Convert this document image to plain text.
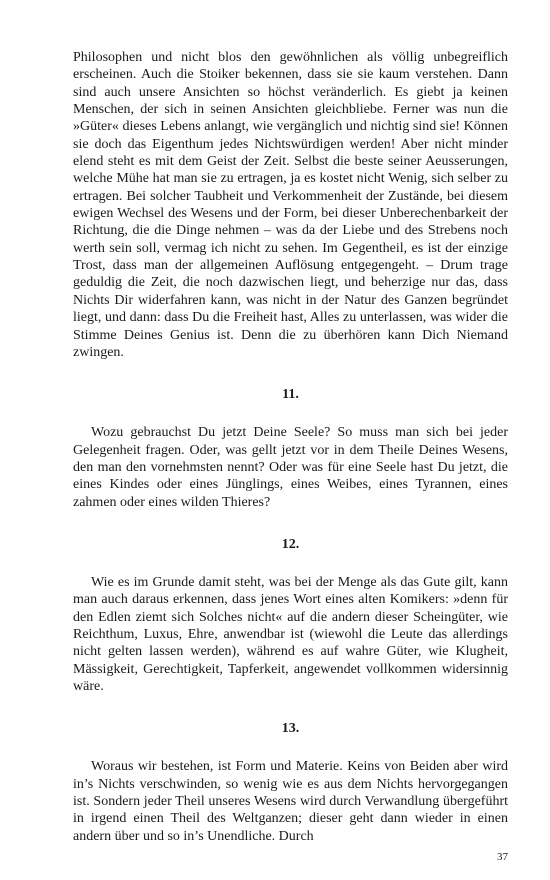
Philosophen und nicht blos den gewöhnlichen als völlig unbegreiflich erscheinen. Auch die Stoiker bekennen, dass sie sie kaum verstehen. Dann sind auch unsere Ansichten so höchst veränderlich. Es giebt ja keinen Menschen, der sich in seinen Ansichten gleichbliebe. Ferner was nun die »Güter« dieses Lebens anlangt, wie vergänglich und nichtig sind sie! Können sie doch das Eigenthum jedes Nichtswürdigen werden! Aber nicht minder elend steht es mit dem Geist der Zeit. Selbst die beste seiner Aeusserungen, welche Mühe hat man sie zu ertragen, ja es kostet nicht Wenig, sich selber zu ertragen. Bei solcher Taubheit und Verkommenheit der Zustände, bei diesem ewigen Wechsel des Wesens und der Form, bei dieser Unberechenbarkeit der Richtung, die die Dinge nehmen – was da der Liebe und des Strebens noch werth sein soll, vermag ich nicht zu sehen. Im Gegentheil, es ist der einzige Trost, dass man der allgemeinen Auflösung entgegengeht. – Drum trage geduldig die Zeit, die noch dazwischen liegt, und beherzige nur das, dass Nichts Dir widerfahren kann, was nicht in der Natur des Ganzen begründet liegt, und dann: dass Du die Freiheit hast, Alles zu unterlassen, was wider die Stimme Deines Genius ist. Denn die zu überhören kann Dich Niemand zwingen.

11.

Wozu gebrauchst Du jetzt Deine Seele? So muss man sich bei jeder Gelegenheit fragen. Oder, was gellt jetzt vor in dem Theile Deines Wesens, den man den vornehmsten nennt? Oder was für eine Seele hast Du jetzt, die eines Kindes oder eines Jünglings, eines Weibes, eines Tyrannen, eines zahmen oder eines wilden Thieres?

12.

Wie es im Grunde damit steht, was bei der Menge als das Gute gilt, kann man auch daraus erkennen, dass jenes Wort eines alten Komikers: »denn für den Edlen ziemt sich Solches nicht« auf die andern dieser Scheingüter, wie Reichthum, Luxus, Ehre, anwendbar ist (wiewohl die Leute das allerdings nicht gelten lassen werden), während es auf wahre Güter, wie Klugheit, Mässigkeit, Gerechtigkeit, Tapferkeit, angewendet vollkommen widersinnig wäre.

13.

Woraus wir bestehen, ist Form und Materie. Keins von Beiden aber wird in’s Nichts verschwinden, so wenig wie es aus dem Nichts hervorgegangen ist. Sondern jeder Theil unseres Wesens wird durch Verwandlung übergeführt in irgend einen Theil des Weltganzen; dieser geht dann wieder in einen andern über und so in’s Unendliche. Durch

37
